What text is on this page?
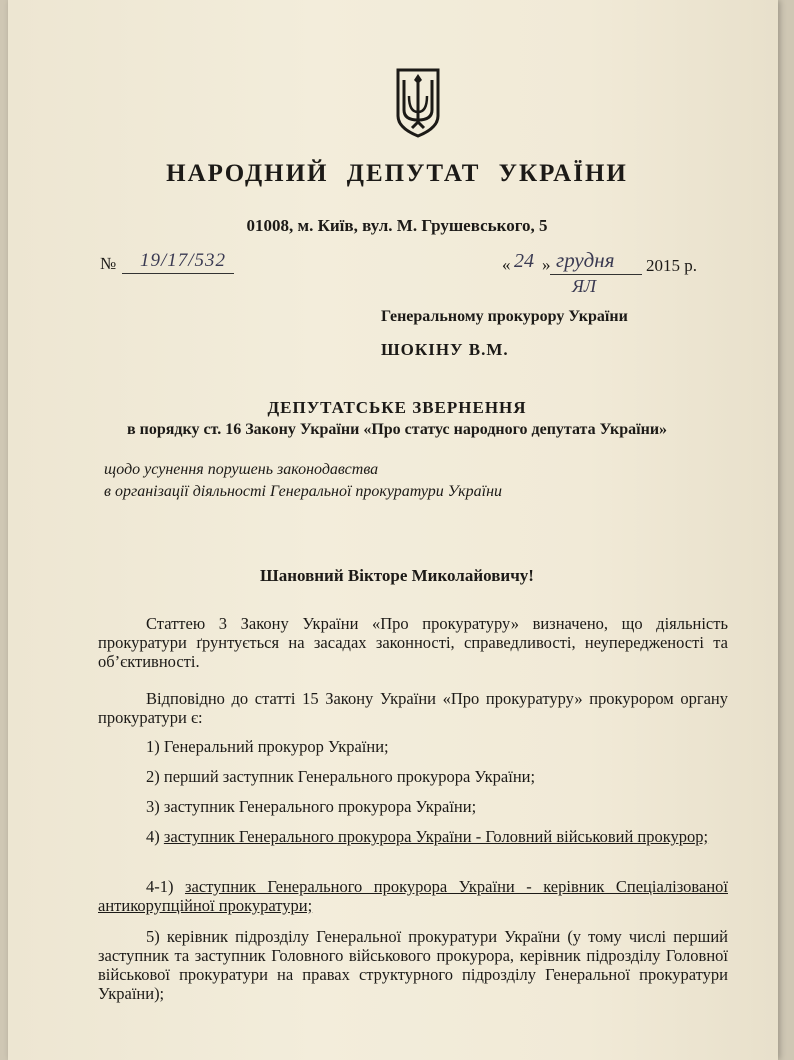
НАРОДНИЙ ДЕПУТАТ УКРАЇНИ
01008, м. Київ, вул. М. Грушевського, 5
№ 19/17/532	« 24 » грудня 2015 р.
ЯЛ
Генеральному прокурору України
ШОКІНУ В.М.
ДЕПУТАТСЬКЕ ЗВЕРНЕННЯ
в порядку ст. 16 Закону України «Про статус народного депутата України»
щодо усунення порушень законодавства
в організації діяльності Генеральної прокуратури України
Шановний Вікторе Миколайовичу!
Статтею 3 Закону України «Про прокуратуру» визначено, що діяльність прокуратури ґрунтується на засадах законності, справедливості, неупередженості та об’єктивності.
Відповідно до статті 15 Закону України «Про прокуратуру» прокурором органу прокуратури є:
1) Генеральний прокурор України;
2) перший заступник Генерального прокурора України;
3) заступник Генерального прокурора України;
4) заступник Генерального прокурора України - Головний військовий прокурор;
4-1) заступник Генерального прокурора України - керівник Спеціалізованої антикорупційної прокуратури;
5) керівник підрозділу Генеральної прокуратури України (у тому числі перший заступник та заступник Головного військового прокурора, керівник підрозділу Головної військової прокуратури на правах структурного підрозділу Генеральної прокуратури України);
